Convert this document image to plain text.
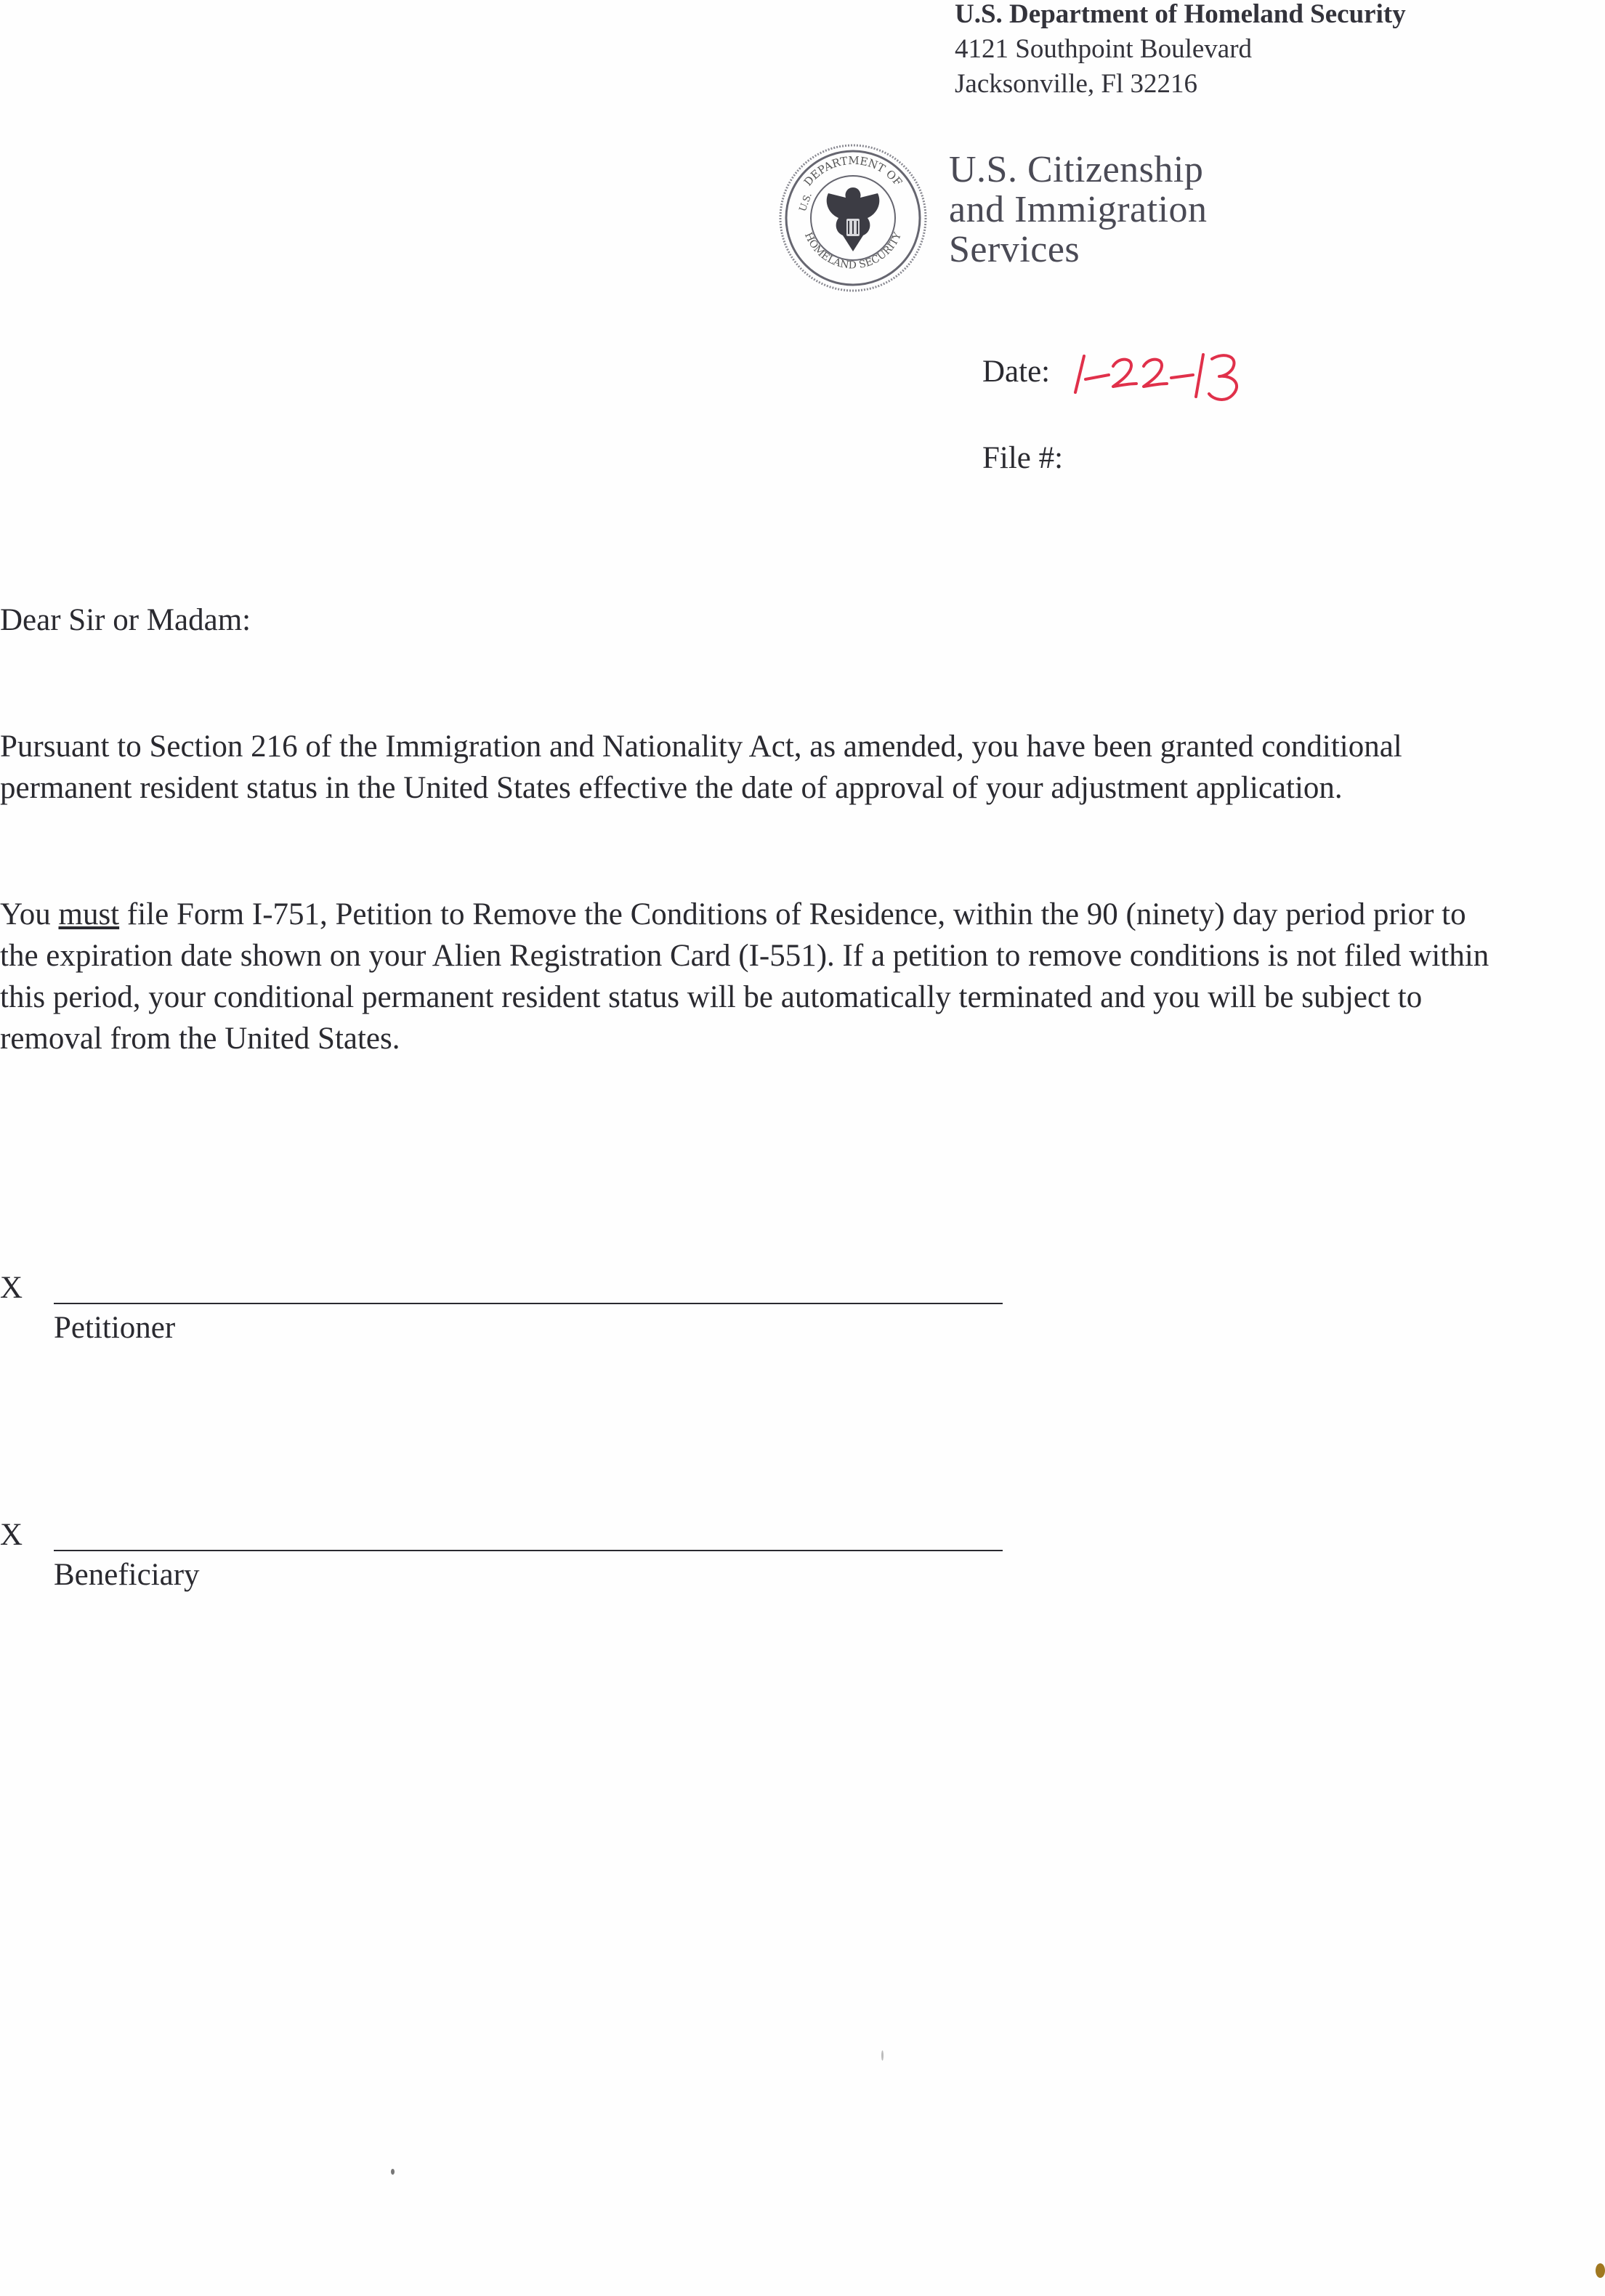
U.S. Department of Homeland Security
4121 Southpoint Boulevard
Jacksonville, Fl 32216
DEPARTMENT OF
HOMELAND SECURITY
U.S.
U.S. Citizenship
and Immigration
Services
Date:
File #:
Dear Sir or Madam:
Pursuant to Section 216 of the Immigration and Nationality Act, as amended, you have been granted conditional permanent resident status in the United States effective the date of approval of your adjustment application.
You must file Form I-751, Petition to Remove the Conditions of Residence, within the 90 (ninety) day period prior to the expiration date shown on your Alien Registration Card (I-551). If a petition to remove conditions is not filed within this period, your conditional permanent resident status will be automatically terminated and you will be subject to removal from the United States.
X
Petitioner
X
Beneficiary
